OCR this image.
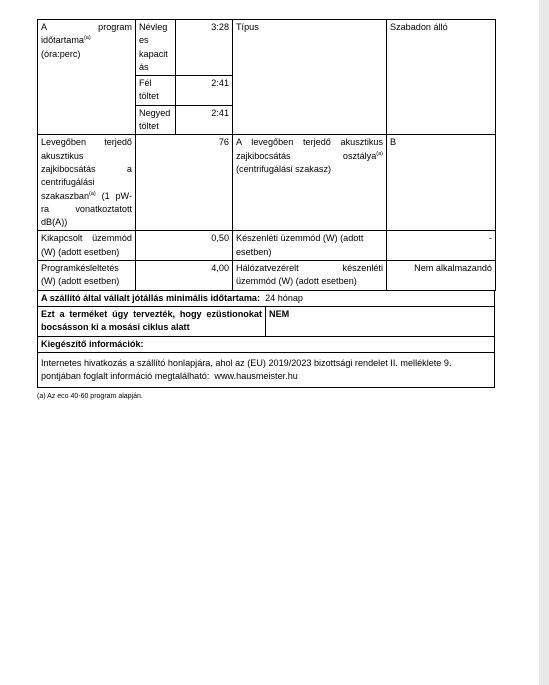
A program időtartama$^{(a)}$ (óra:perc)	Névleges kapacitás	3:28	Típus	Szabadon álló
	Fél töltet	2:41		
	Negyed töltet	2:41		
Levegőben terjedő akusztikus zajkibocsátás a centrifugálási szakaszban$^{(a)}$ (1 pW-ra vonatkoztatott dB(A))	76		A levegőben terjedő akusztikus zajkibocsátás osztálya$^{(a)}$ (centrifugálási szakasz)	B
Kikapcsolt üzemmód (W) (adott esetben)	0,50		Készenléti üzemmód (W) (adott esetben)	-
Programkésleltetés (W) (adott esetben)	4,00		Hálózatvezérelt készenléti üzemmód (W) (adott esetben)	Nem alkalmazandó
A szállító által vállalt jótállás minimális időtartama: 24 hónap
Ezt a terméket úgy tervezték, hogy ezüstionokat bocsásson ki a mosási ciklus alatt	NEM
Kiegészítő információk:
Internetes hivatkozás a szállító honlapjára, ahol az (EU) 2019/2023 bizottsági rendelet II. melléklete 9. pontjában foglalt információ megtalálható: www.hausmeister.hu
(a) Az eco 40-60 program alapján.
